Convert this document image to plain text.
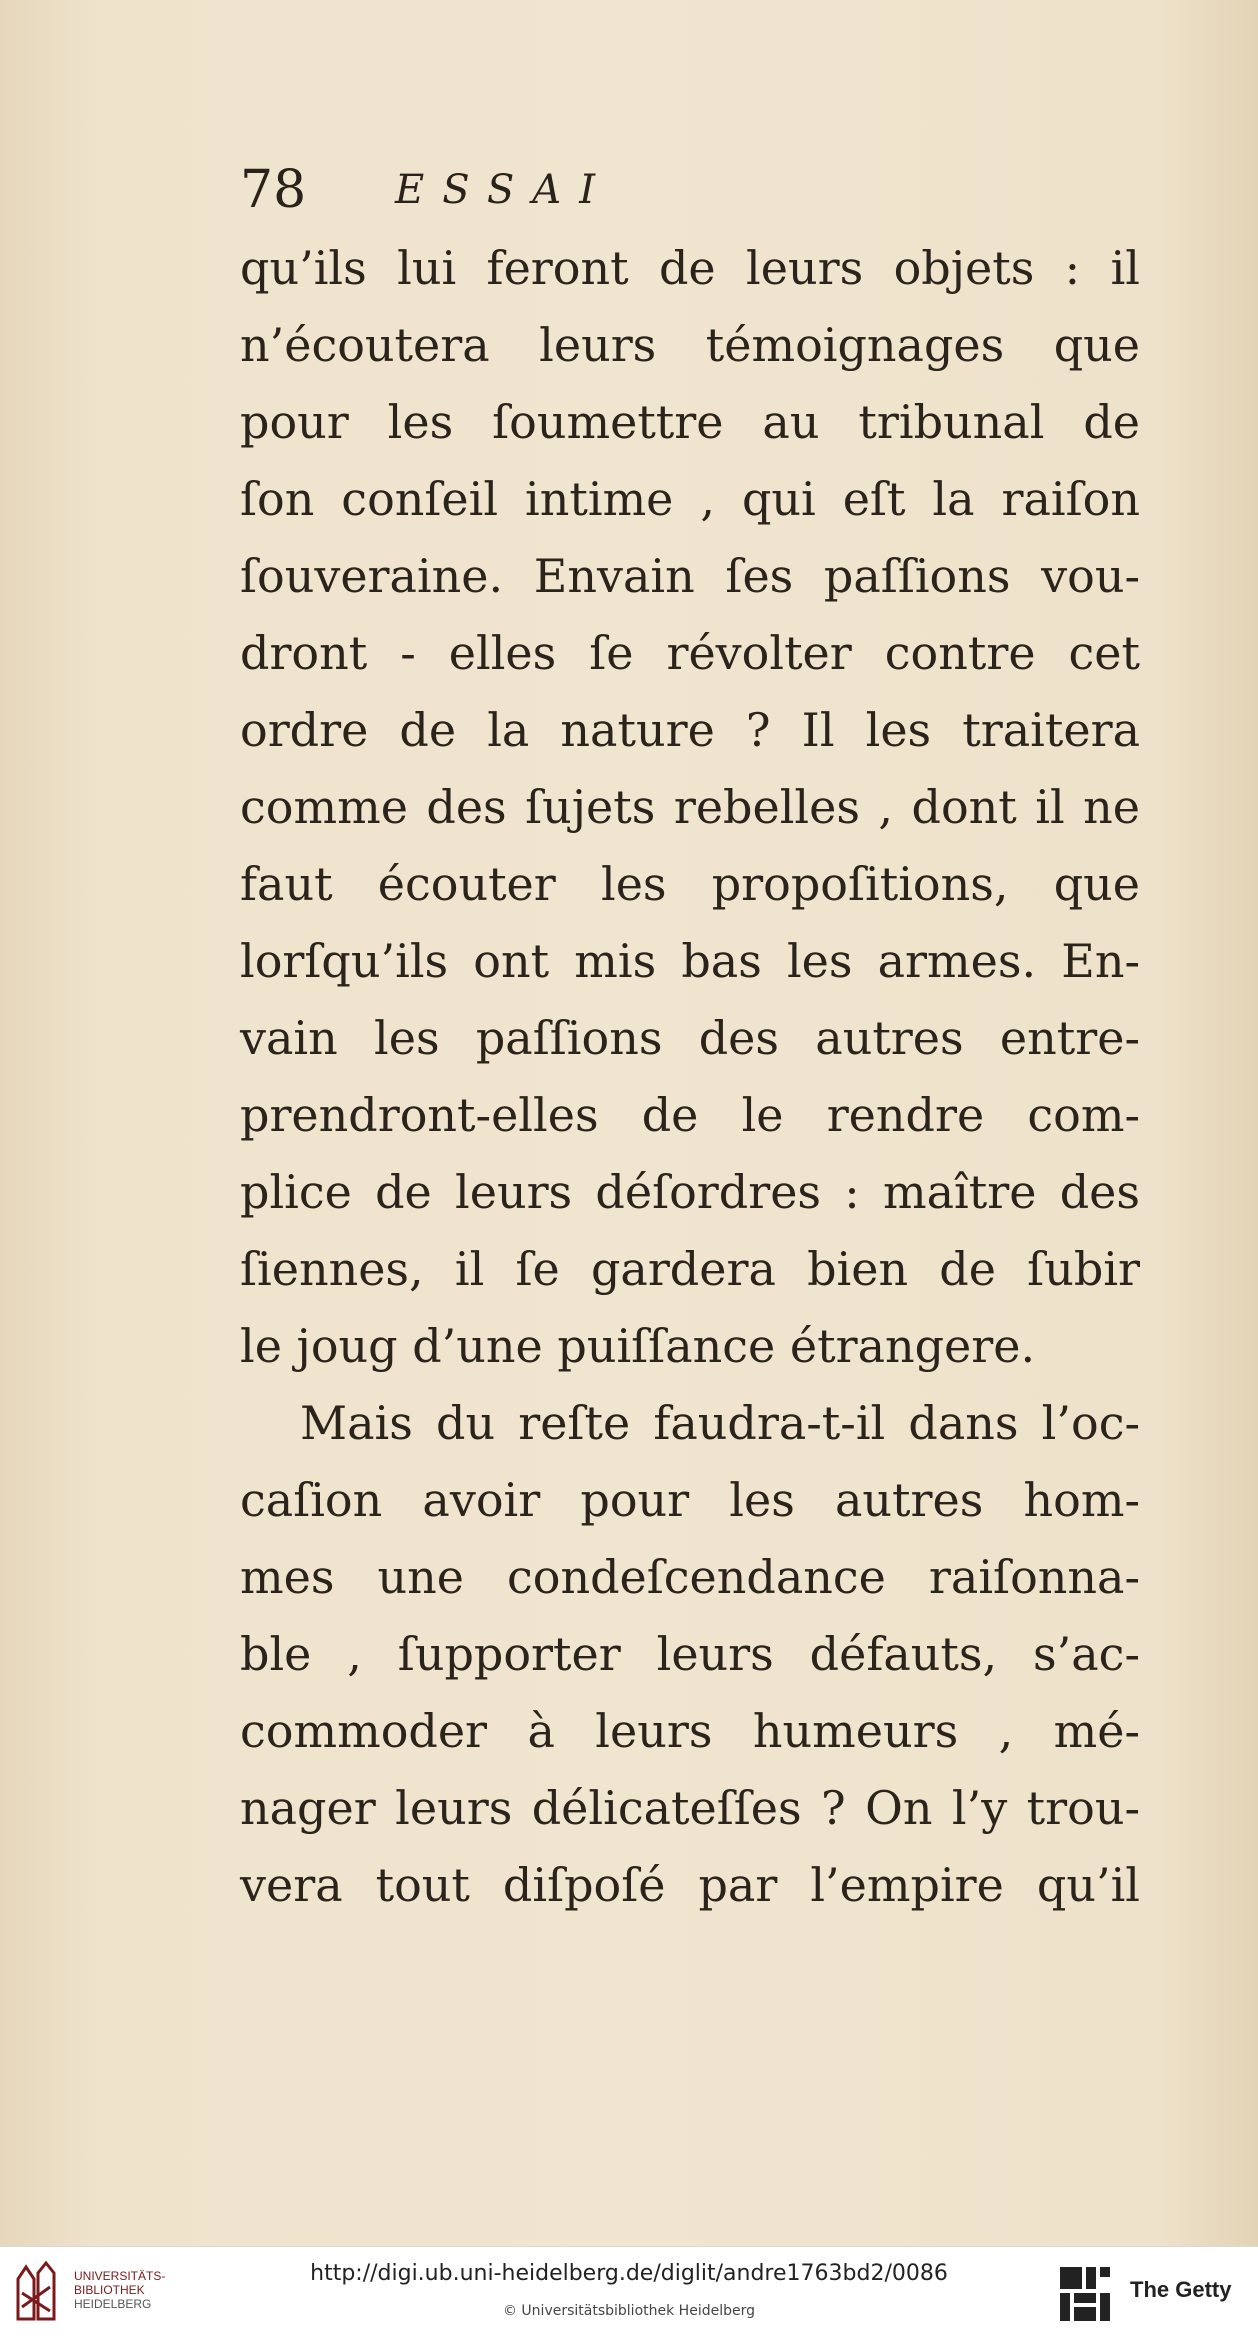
78 ESSAI
qu’ils lui feront de leurs objets : il
n’écoutera leurs témoignages que
pour les ſoumettre au tribunal de
ſon conſeil intime , qui eſt la raiſon
ſouveraine. Envain ſes paſſions vou-
dront - elles ſe révolter contre cet
ordre de la nature ? Il les traitera
comme des ſujets rebelles , dont il ne
faut écouter les propoſitions, que
lorſqu’ils ont mis bas les armes. En-
vain les paſſions des autres entre-
prendront-elles de le rendre com-
plice de leurs déſordres : maître des
ſiennes, il ſe gardera bien de ſubir
le joug d’une puiſſance étrangere.
Mais du reſte faudra-t-il dans l’oc-
caſion avoir pour les autres hom-
mes une condeſcendance raiſonna-
ble , ſupporter leurs défauts, s’ac-
commoder à leurs humeurs , mé-
nager leurs délicateſſes ? On l’y trou-
vera tout diſpoſé par l’empire qu’il
UNIVERSITÄTS-
BIBLIOTHEK
HEIDELBERG
http://digi.ub.uni-heidelberg.de/diglit/andre1763bd2/0086
© Universitätsbibliothek Heidelberg
The Getty
